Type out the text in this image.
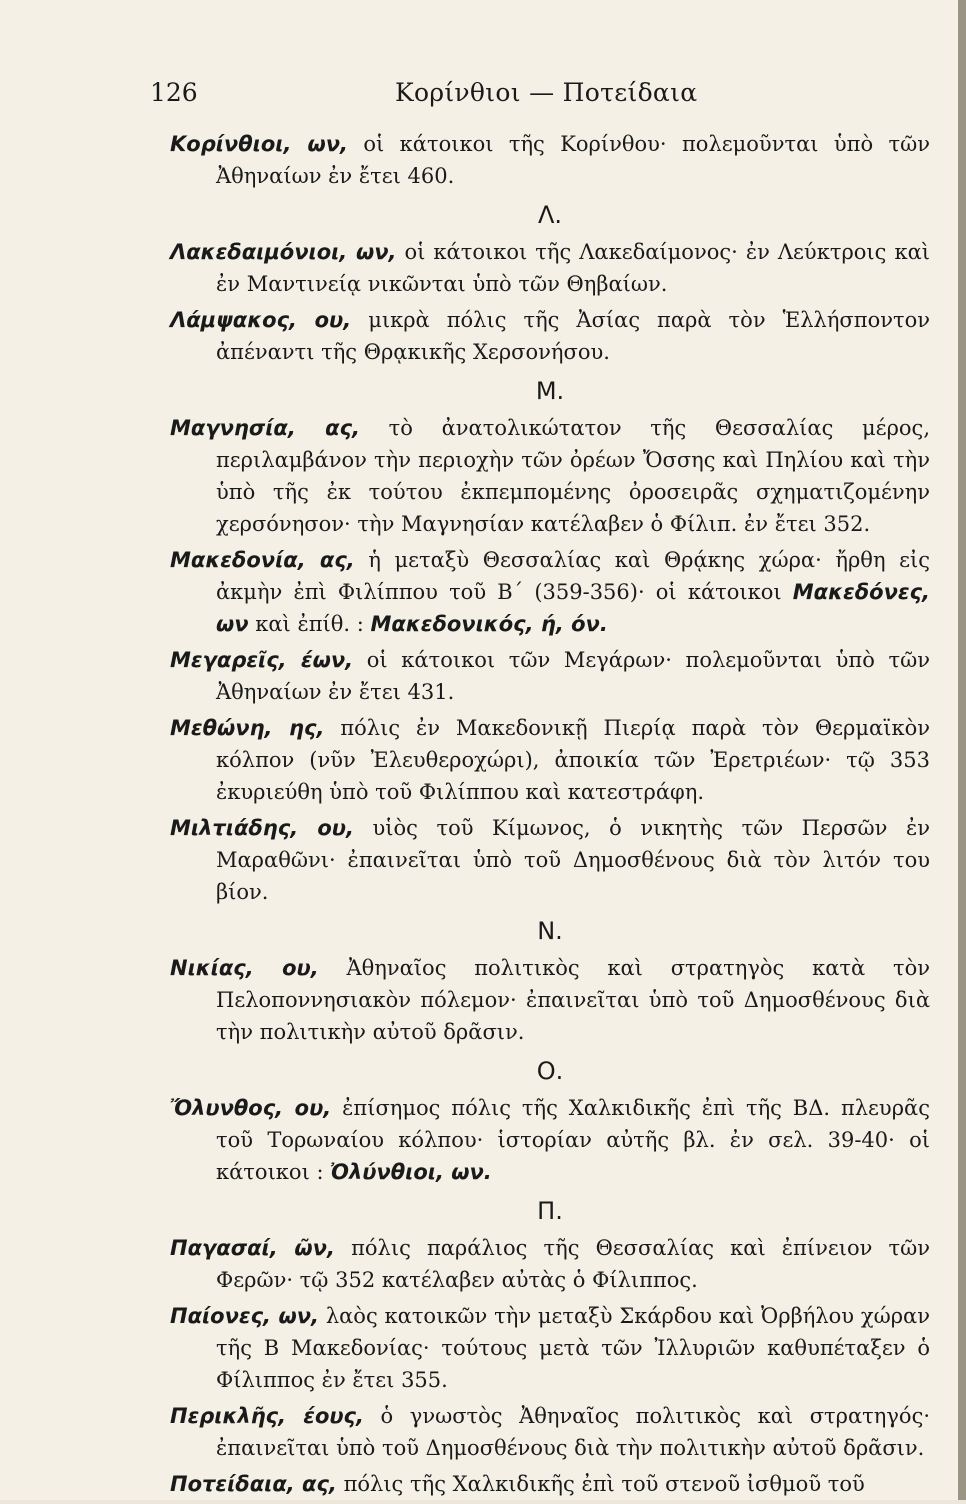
126	Κορίνθιοι — Ποτείδαια

Κορίνθιοι, ων, οἱ κάτοικοι τῆς Κορίνθου· πολεμοῦνται ὑπὸ τῶν Ἀθηναίων ἐν ἔτει 460.

Λ.

Λακεδαιμόνιοι, ων, οἱ κάτοικοι τῆς Λακεδαίμονος· ἐν Λεύκτροις καὶ ἐν Μαντινείᾳ νικῶνται ὑπὸ τῶν Θηβαίων.

Λάμψακος, ου, μικρὰ πόλις τῆς Ἀσίας παρὰ τὸν Ἑλλήσποντον ἀπέναντι τῆς Θρᾳκικῆς Χερσονήσου.

Μ.

Μαγνησία, ας, τὸ ἀνατολικώτατον τῆς Θεσσαλίας μέρος, περιλαμβάνον τὴν περιοχὴν τῶν ὀρέων Ὄσσης καὶ Πηλίου καὶ τὴν ὑπὸ τῆς ἐκ τούτου ἐκπεμπομένης ὀροσειρᾶς σχηματιζομένην χερσόνησον· τὴν Μαγνησίαν κατέλαβεν ὁ Φίλιπ. ἐν ἔτει 352.

Μακεδονία, ας, ἡ μεταξὺ Θεσσαλίας καὶ Θρᾴκης χώρα· ἤρθη εἰς ἀκμὴν ἐπὶ Φιλίππου τοῦ Β΄ (359-356)· οἱ κάτοικοι Μακεδόνες, ων καὶ ἐπίθ. : Μακεδονικός, ή, όν.

Μεγαρεῖς, έων, οἱ κάτοικοι τῶν Μεγάρων· πολεμοῦνται ὑπὸ τῶν Ἀθηναίων ἐν ἔτει 431.

Μεθώνη, ης, πόλις ἐν Μακεδονικῇ Πιερίᾳ παρὰ τὸν Θερμαϊκὸν κόλπον (νῦν Ἐλευθεροχώρι), ἀποικία τῶν Ἐρετριέων· τῷ 353 ἐκυριεύθη ὑπὸ τοῦ Φιλίππου καὶ κατεστράφη.

Μιλτιάδης, ου, υἱὸς τοῦ Κίμωνος, ὁ νικητὴς τῶν Περσῶν ἐν Μαραθῶνι· ἐπαινεῖται ὑπὸ τοῦ Δημοσθένους διὰ τὸν λιτόν του βίον.

Ν.

Νικίας, ου, Ἀθηναῖος πολιτικὸς καὶ στρατηγὸς κατὰ τὸν Πελοποννησιακὸν πόλεμον· ἐπαινεῖται ὑπὸ τοῦ Δημοσθένους διὰ τὴν πολιτικὴν αὐτοῦ δρᾶσιν.

Ο.

Ὄλυνθος, ου, ἐπίσημος πόλις τῆς Χαλκιδικῆς ἐπὶ τῆς ΒΔ. πλευρᾶς τοῦ Τορωναίου κόλπου· ἱστορίαν αὐτῆς βλ. ἐν σελ. 39-40· οἱ κάτοικοι : Ὀλύνθιοι, ων.

Π.

Παγασαί, ῶν, πόλις παράλιος τῆς Θεσσαλίας καὶ ἐπίνειον τῶν Φερῶν· τῷ 352 κατέλαβεν αὐτὰς ὁ Φίλιππος.

Παίονες, ων, λαὸς κατοικῶν τὴν μεταξὺ Σκάρδου καὶ Ὀρβήλου χώραν τῆς Β Μακεδονίας· τούτους μετὰ τῶν Ἰλλυριῶν καθυπέταξεν ὁ Φίλιππος ἐν ἔτει 355.

Περικλῆς, έους, ὁ γνωστὸς Ἀθηναῖος πολιτικὸς καὶ στρατηγός· ἐπαινεῖται ὑπὸ τοῦ Δημοσθένους διὰ τὴν πολιτικὴν αὐτοῦ δρᾶσιν.

Ποτείδαια, ας, πόλις τῆς Χαλκιδικῆς ἐπὶ τοῦ στενοῦ ἰσθμοῦ τοῦ
